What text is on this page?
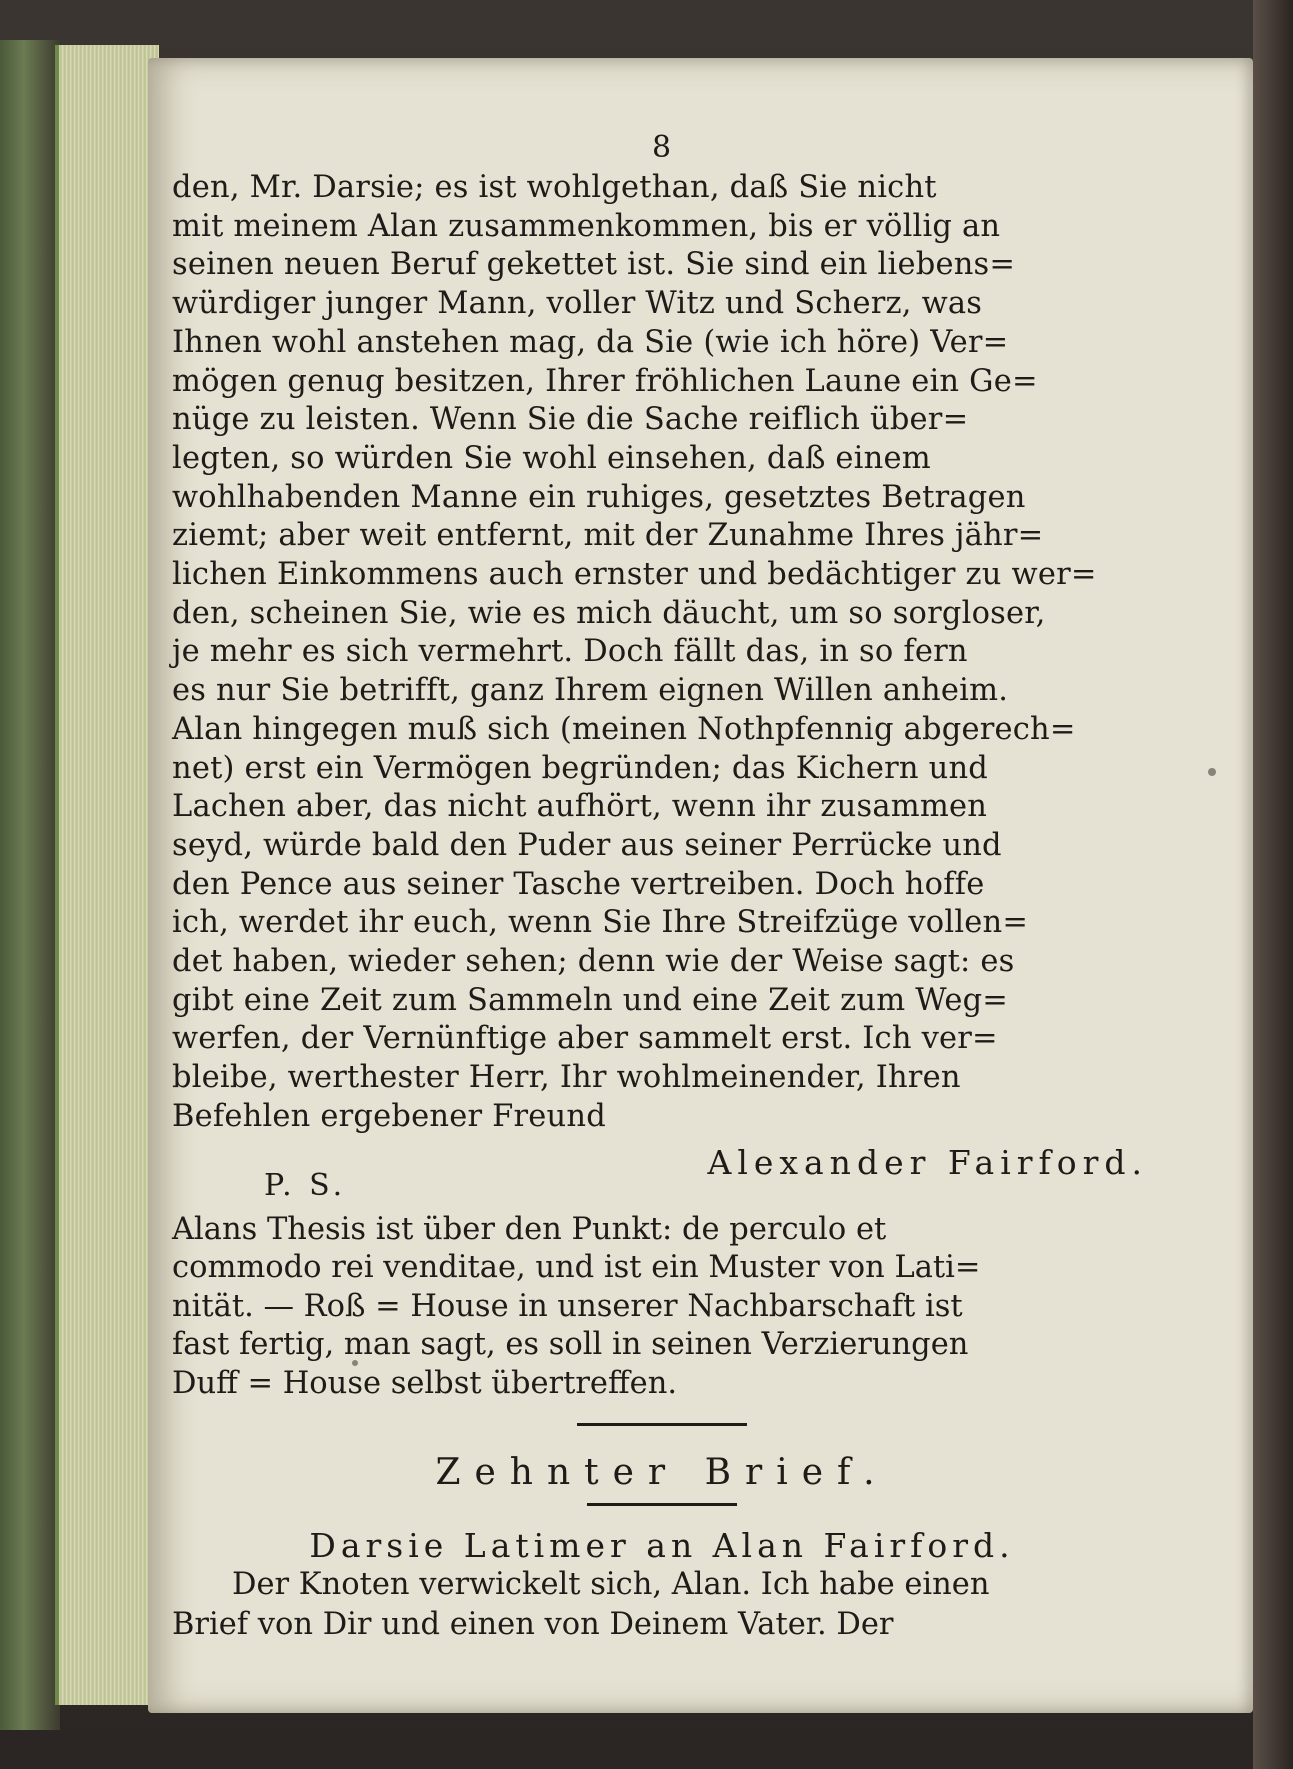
8
den, Mr. Darsie; es ist wohlgethan, daß Sie nicht
mit meinem Alan zusammenkommen, bis er völlig an
seinen neuen Beruf gekettet ist. Sie sind ein liebens=
würdiger junger Mann, voller Witz und Scherz, was
Ihnen wohl anstehen mag, da Sie (wie ich höre) Ver=
mögen genug besitzen, Ihrer fröhlichen Laune ein Ge=
nüge zu leisten. Wenn Sie die Sache reiflich über=
legten, so würden Sie wohl einsehen, daß einem
wohlhabenden Manne ein ruhiges, gesetztes Betragen
ziemt; aber weit entfernt, mit der Zunahme Ihres jähr=
lichen Einkommens auch ernster und bedächtiger zu wer=
den, scheinen Sie, wie es mich däucht, um so sorgloser,
je mehr es sich vermehrt. Doch fällt das, in so fern
es nur Sie betrifft, ganz Ihrem eignen Willen anheim.
Alan hingegen muß sich (meinen Nothpfennig abgerech=
net) erst ein Vermögen begründen; das Kichern und
Lachen aber, das nicht aufhört, wenn ihr zusammen
seyd, würde bald den Puder aus seiner Perrücke und
den Pence aus seiner Tasche vertreiben. Doch hoffe
ich, werdet ihr euch, wenn Sie Ihre Streifzüge vollen=
det haben, wieder sehen; denn wie der Weise sagt: es
gibt eine Zeit zum Sammeln und eine Zeit zum Weg=
werfen, der Vernünftige aber sammelt erst. Ich ver=
bleibe, werthester Herr, Ihr wohlmeinender, Ihren
Befehlen ergebener Freund
Alexander Fairford.
P. S.
Alans Thesis ist über den Punkt: de perculo et
commodo rei venditae, und ist ein Muster von Lati=
nität. — Roß = House in unserer Nachbarschaft ist
fast fertig, man sagt, es soll in seinen Verzierungen
Duff = House selbst übertreffen.
Zehnter Brief.
Darsie Latimer an Alan Fairford.
Der Knoten verwickelt sich, Alan. Ich habe einen
Brief von Dir und einen von Deinem Vater. Der
